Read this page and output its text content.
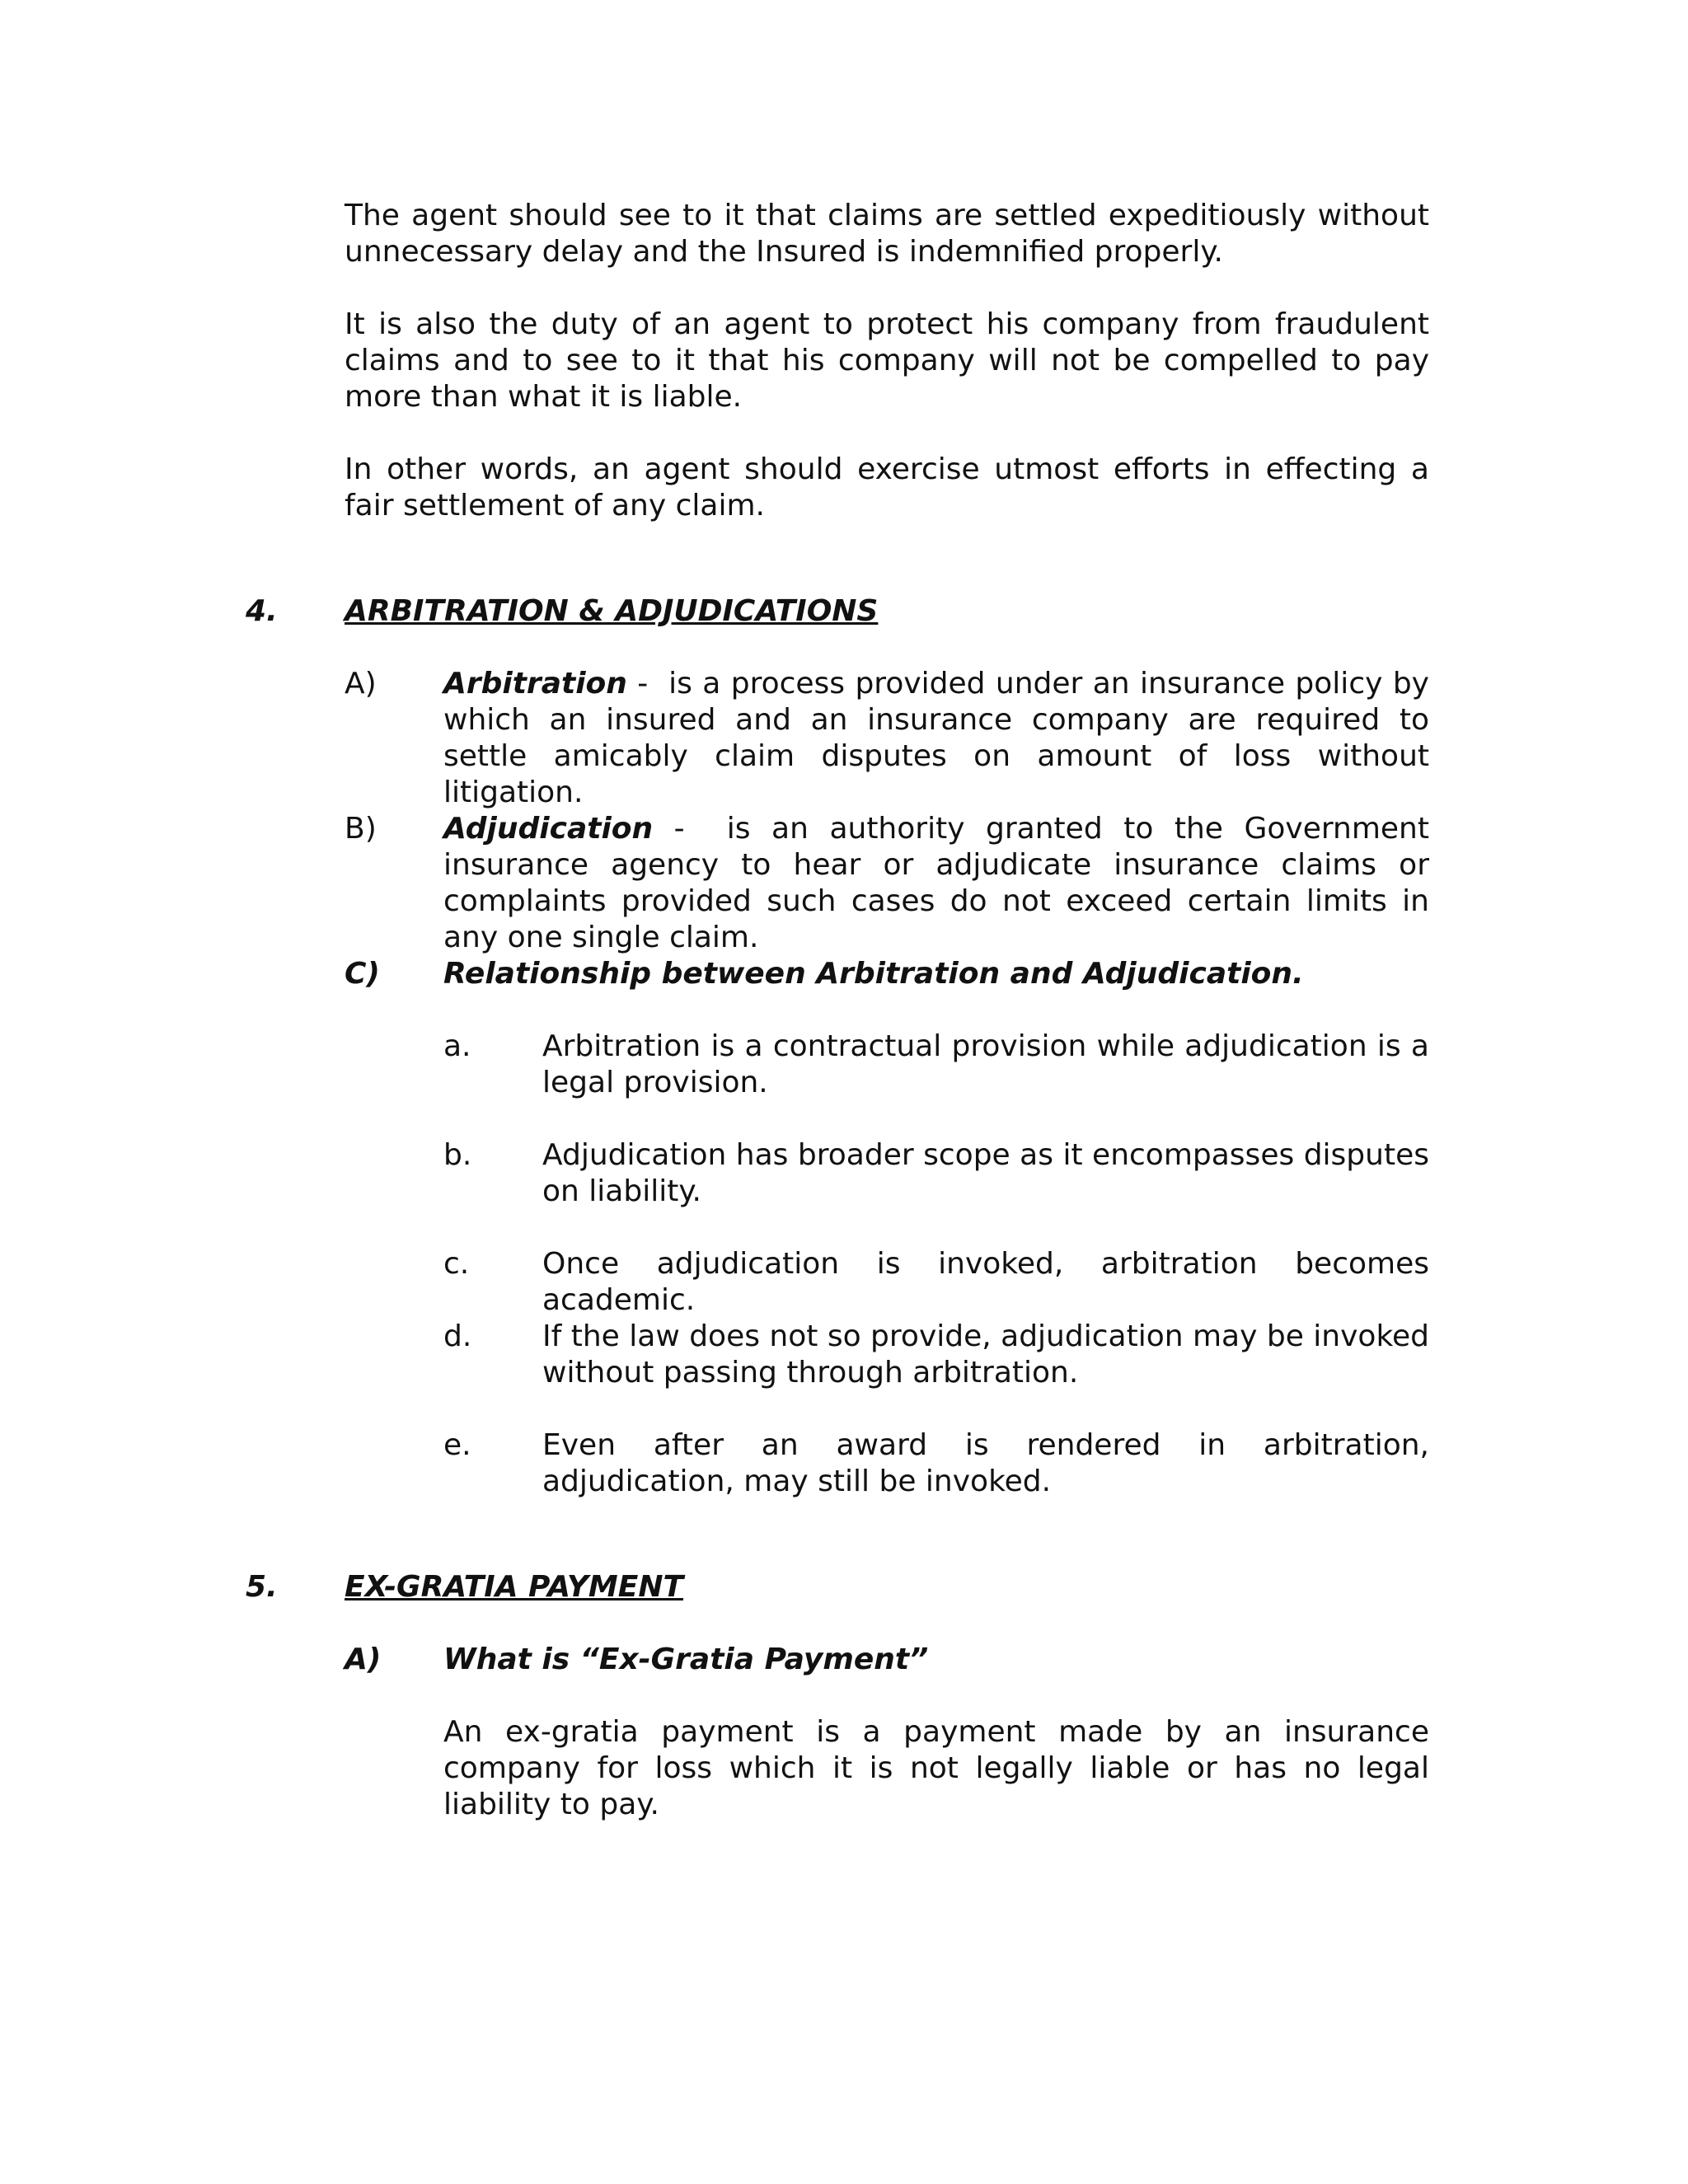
The agent should see to it that claims are settled expeditiously without unnecessary delay and the Insured is indemnified properly.

It is also the duty of an agent to protect his company from fraudulent claims and to see to it that his company will not be compelled to pay more than what it is liable.

In other words, an agent should exercise utmost efforts in effecting a fair settlement of any claim.

4. ARBITRATION & ADJUDICATIONS

A) Arbitration -  is a process provided under an insurance policy by which an insured and an insurance company are required to settle amicably claim disputes on amount of loss without litigation.

B) Adjudication -  is an authority granted to the Government insurance agency to hear or adjudicate insurance claims or complaints provided such cases do not exceed certain limits in any one single claim.

C) Relationship between Arbitration and Adjudication.

a. Arbitration is a contractual provision while adjudication is a legal provision.

b. Adjudication has broader scope as it encompasses disputes on liability.

c. Once adjudication is invoked, arbitration becomes academic.

d. If the law does not so provide, adjudication may be invoked without passing through arbitration.

e. Even after an award is rendered in arbitration, adjudication, may still be invoked.

5. EX-GRATIA PAYMENT

A) What is “Ex-Gratia Payment”

An ex-gratia payment is a payment made by an insurance company for loss which it is not legally liable or has no legal liability to pay.
